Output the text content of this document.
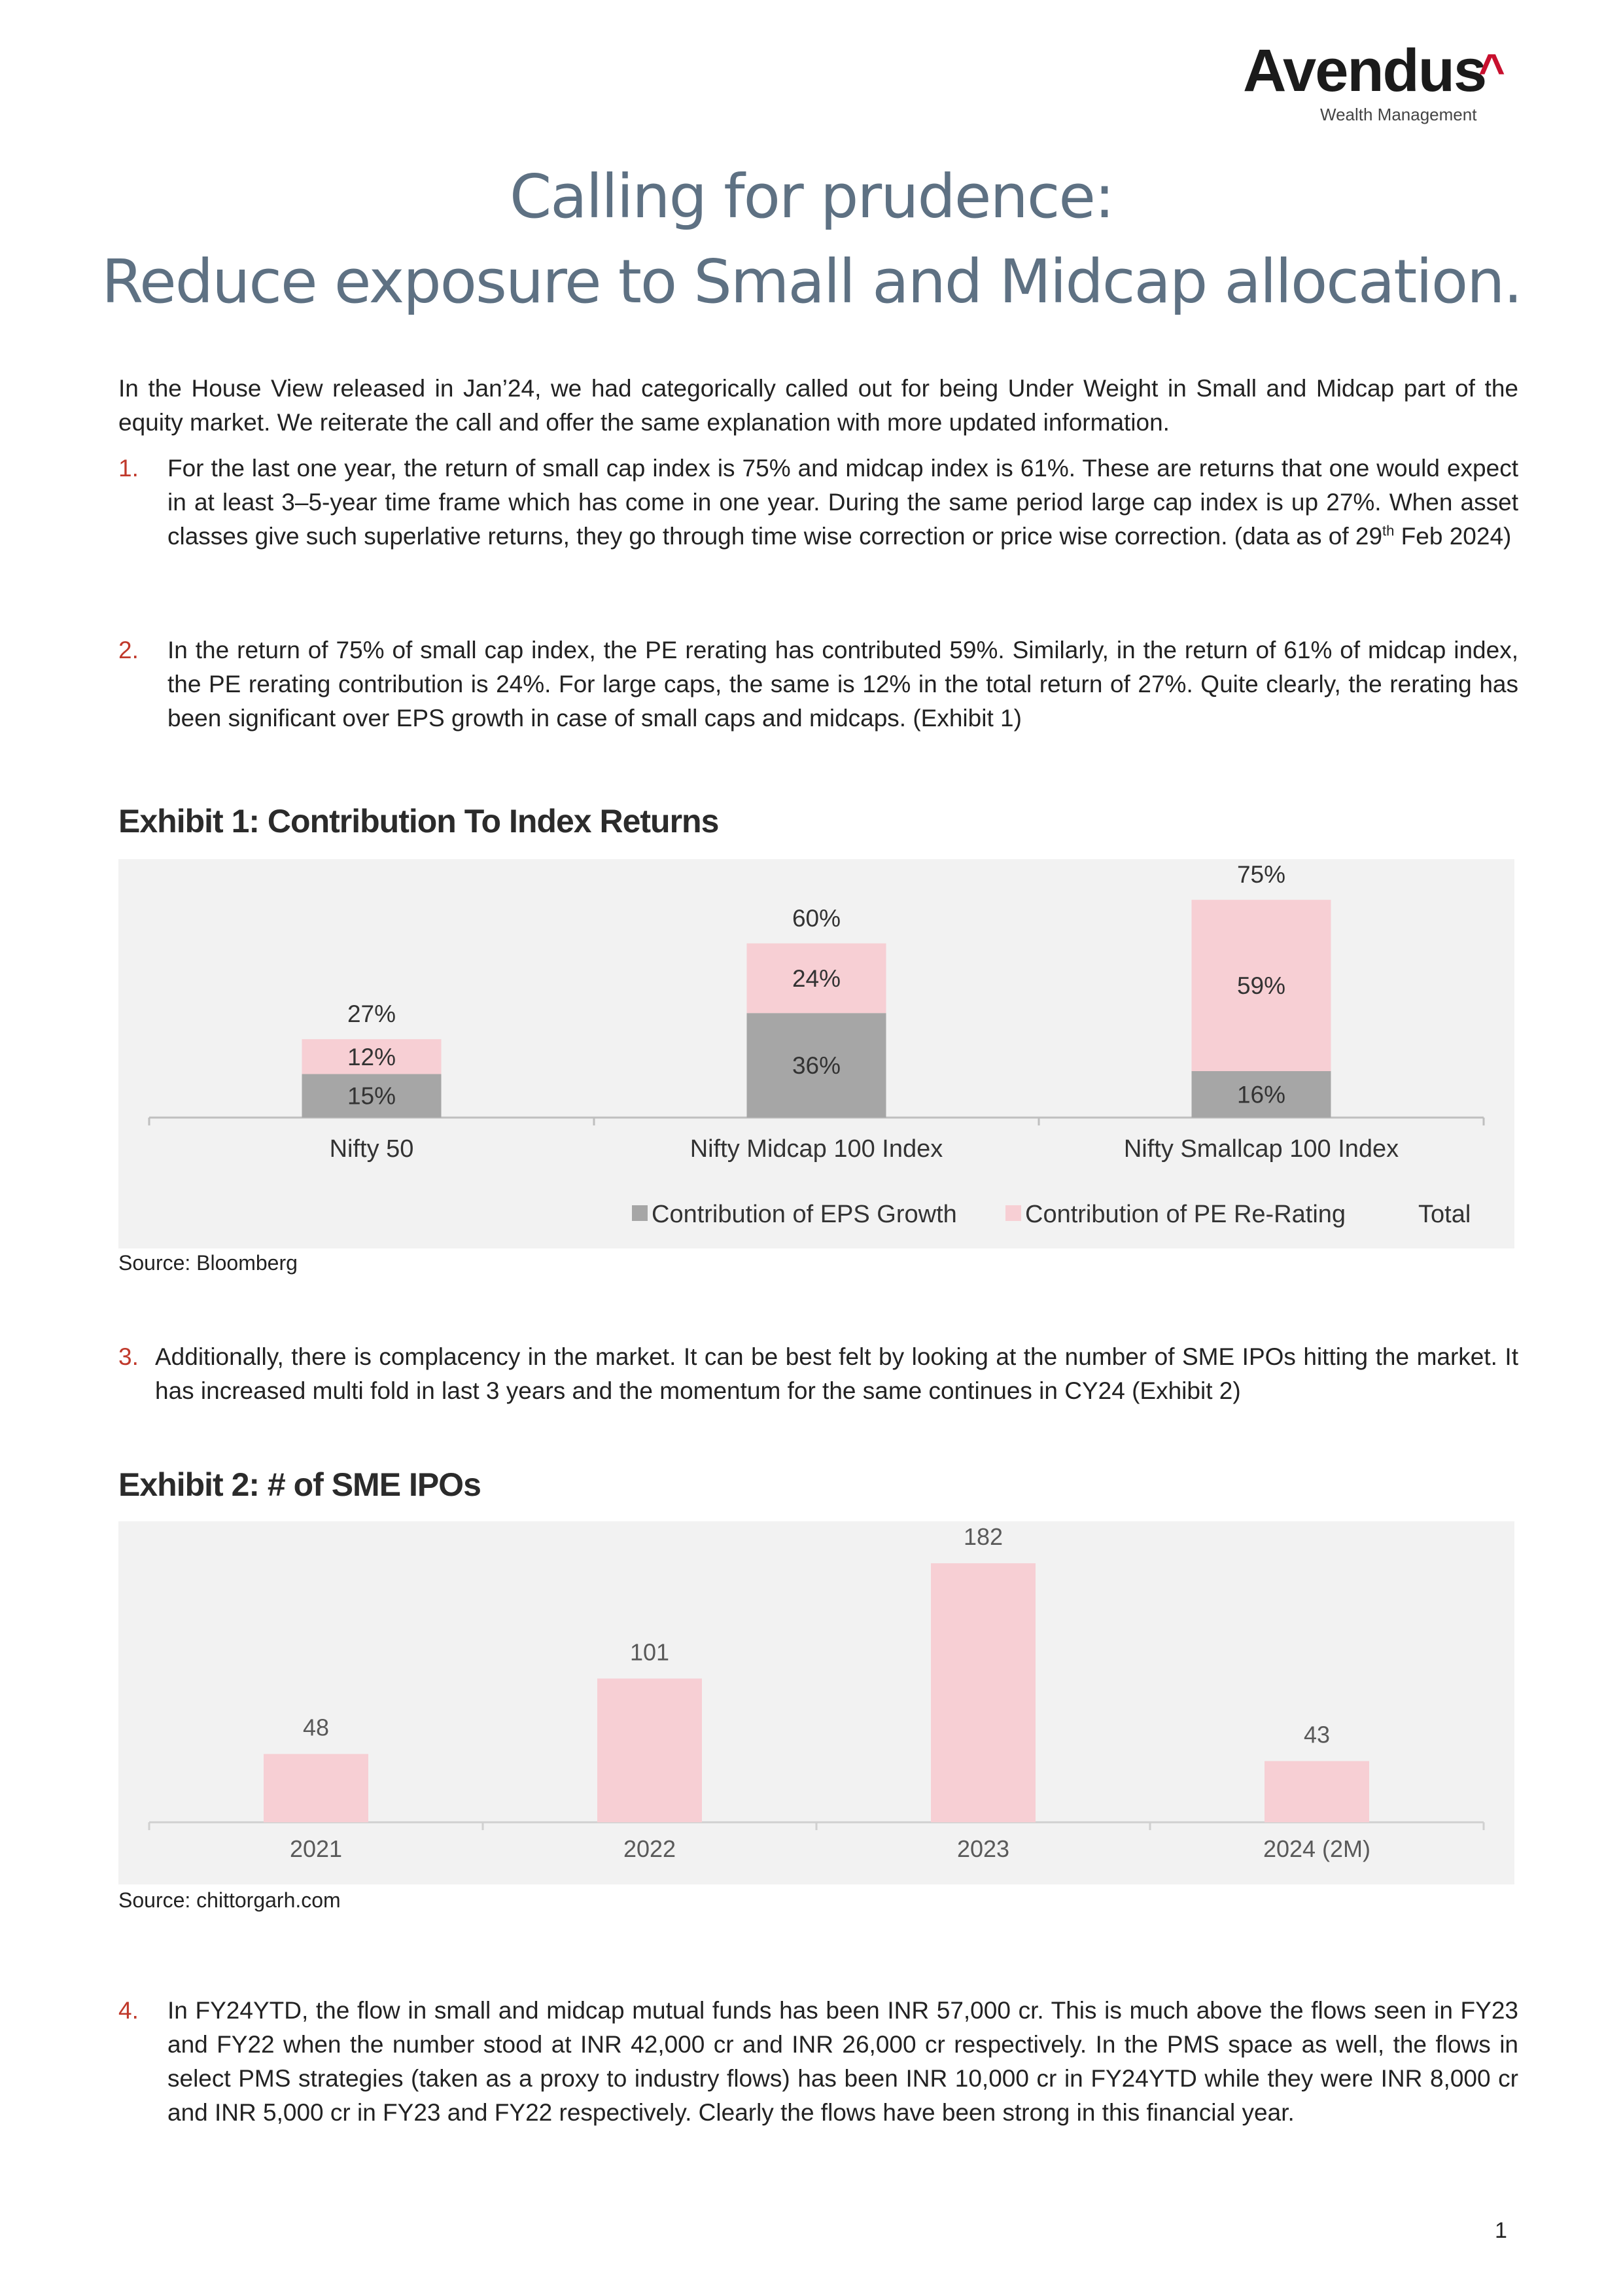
Avendus
^
Wealth Management
Calling for prudence:
Reduce exposure to Small and Midcap allocation.

In the House View released in Jan’24, we had categorically called out for being Under Weight in Small and Midcap part of the equity market. We reiterate the call and offer the same explanation with more updated information.

1. For the last one year, the return of small cap index is 75% and midcap index is 61%. These are returns that one would expect in at least 3–5-year time frame which has come in one year. During the same period large cap index is up 27%. When asset classes give such superlative returns, they go through time wise correction or price wise correction. (data as of 29th Feb 2024)
2. In the return of 75% of small cap index, the PE rerating has contributed 59%. Similarly, in the return of 61% of midcap index, the PE rerating contribution is 24%. For large caps, the same is 12% in the total return of 27%. Quite clearly, the rerating has been significant over EPS growth in case of small caps and midcaps. (Exhibit 1)
Exhibit 1: Contribution To Index Returns
15%
12%
27%
Nifty 50
36%
24%
60%
Nifty Midcap 100 Index
16%
59%
75%
Nifty Smallcap 100 Index
Contribution of EPS Growth	Contribution of PE Re-Rating	Total
Source: Bloomberg
3. Additionally, there is complacency in the market. It can be best felt by looking at the number of SME IPOs hitting the market. It has increased multi fold in last 3 years and the momentum for the same continues in CY24 (Exhibit 2)
Exhibit 2: # of SME IPOs
48
2021
101
2022
182
2023
43
2024 (2M)
Source: chittorgarh.com
4. In FY24YTD, the flow in small and midcap mutual funds has been INR 57,000 cr. This is much above the flows seen in FY23 and FY22 when the number stood at INR 42,000 cr and INR 26,000 cr respectively. In the PMS space as well, the flows in select PMS strategies (taken as a proxy to industry flows) has been INR 10,000 cr in FY24YTD while they were INR 8,000 cr and INR 5,000 cr in FY23 and FY22 respectively. Clearly the flows have been strong in this financial year.
1
